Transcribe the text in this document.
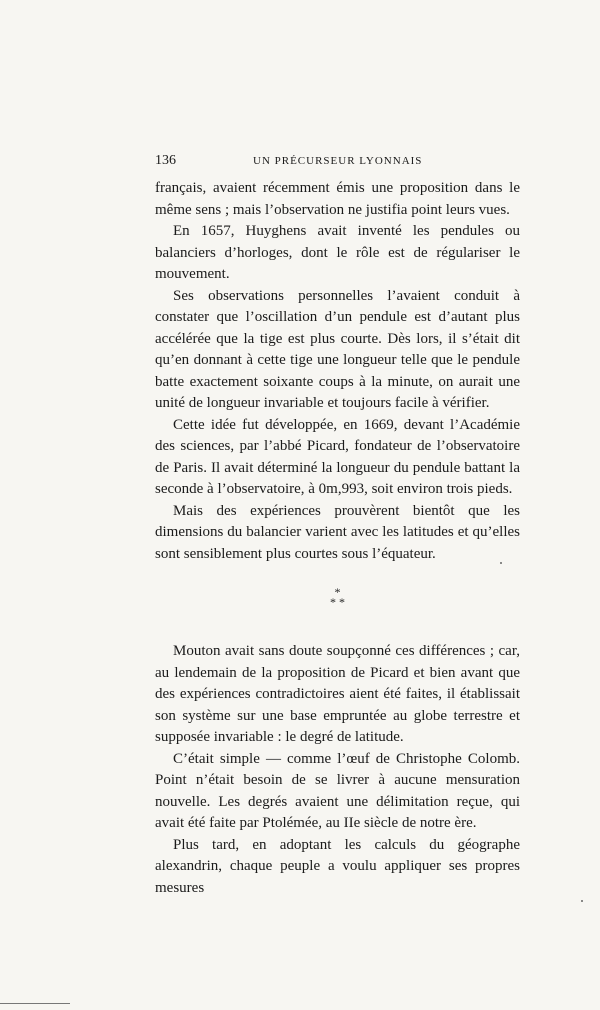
136	UN PRÉCURSEUR LYONNAIS

français, avaient récemment émis une proposition dans le même sens ; mais l’observation ne justifia point leurs vues.

En 1657, Huyghens avait inventé les pendules ou balanciers d’horloges, dont le rôle est de régulariser le mouvement.

Ses observations personnelles l’avaient conduit à constater que l’oscillation d’un pendule est d’autant plus accélérée que la tige est plus courte. Dès lors, il s’était dit qu’en donnant à cette tige une longueur telle que le pendule batte exactement soixante coups à la minute, on aurait une unité de longueur invariable et toujours facile à vérifier.

Cette idée fut développée, en 1669, devant l’Académie des sciences, par l’abbé Picard, fondateur de l’observatoire de Paris. Il avait déterminé la longueur du pendule battant la seconde à l’observatoire, à 0m,993, soit environ trois pieds.

Mais des expériences prouvèrent bientôt que les dimensions du balancier varient avec les latitudes et qu’elles sont sensiblement plus courtes sous l’équateur.

*
* *

Mouton avait sans doute soupçonné ces différences ; car, au lendemain de la proposition de Picard et bien avant que des expériences contradictoires aient été faites, il établissait son système sur une base empruntée au globe terrestre et supposée invariable : le degré de latitude.

C’était simple — comme l’œuf de Christophe Colomb. Point n’était besoin de se livrer à aucune mensuration nouvelle. Les degrés avaient une délimitation reçue, qui avait été faite par Ptolémée, au IIe siècle de notre ère.

Plus tard, en adoptant les calculs du géographe alexandrin, chaque peuple a voulu appliquer ses propres mesures
